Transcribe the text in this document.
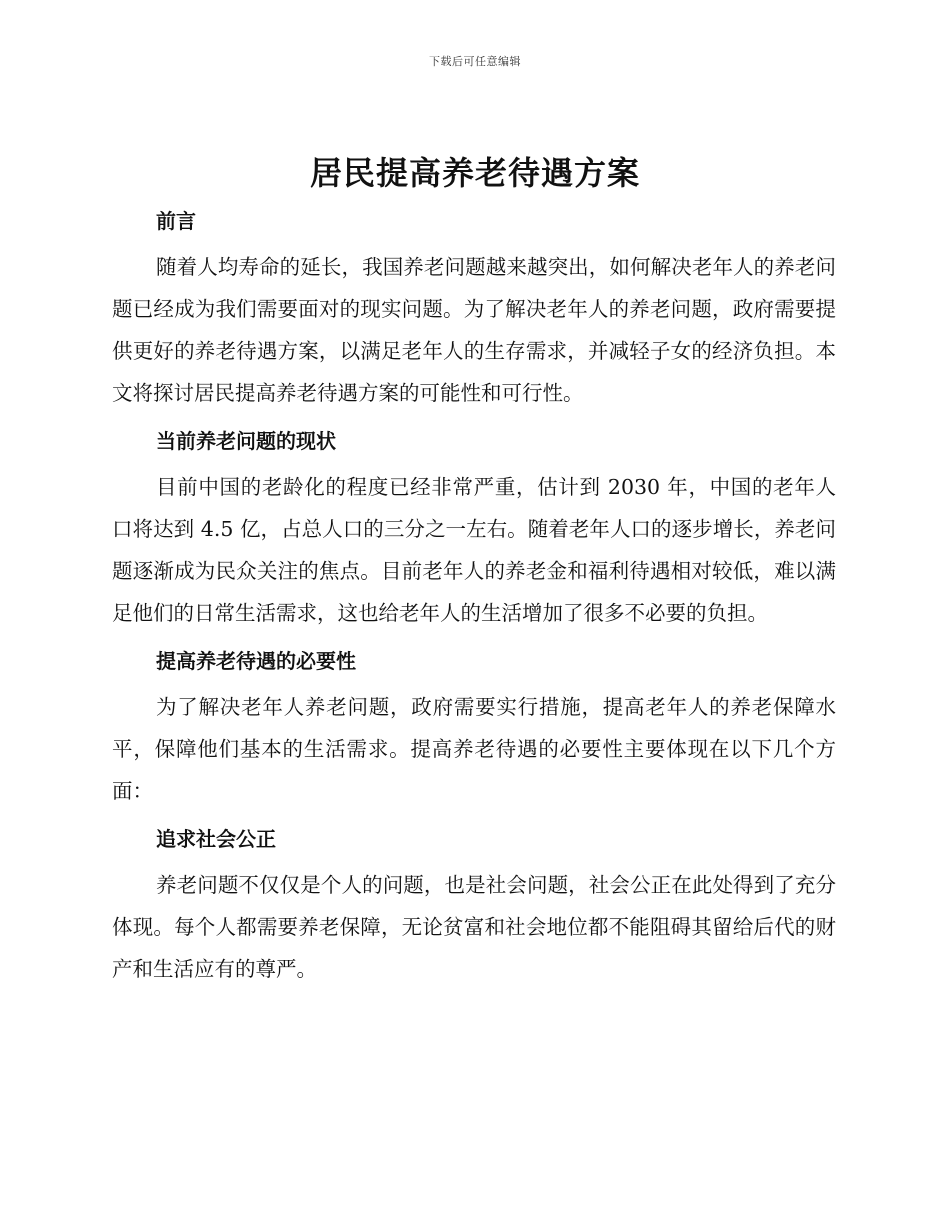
下载后可任意编辑
居民提高养老待遇方案
前言

随着人均寿命的延长，我国养老问题越来越突出，如何解决老年人的养老问题已经成为我们需要面对的现实问题。为了解决老年人的养老问题，政府需要提供更好的养老待遇方案，以满足老年人的生存需求，并减轻子女的经济负担。本文将探讨居民提高养老待遇方案的可能性和可行性。

当前养老问题的现状

目前中国的老龄化的程度已经非常严重，估计到 2030 年，中国的老年人口将达到 4.5 亿，占总人口的三分之一左右。随着老年人口的逐步增长，养老问题逐渐成为民众关注的焦点。目前老年人的养老金和福利待遇相对较低，难以满足他们的日常生活需求，这也给老年人的生活增加了很多不必要的负担。

提高养老待遇的必要性

为了解决老年人养老问题，政府需要实行措施，提高老年人的养老保障水平，保障他们基本的生活需求。提高养老待遇的必要性主要体现在以下几个方面：

追求社会公正

养老问题不仅仅是个人的问题，也是社会问题，社会公正在此处得到了充分体现。每个人都需要养老保障，无论贫富和社会地位都不能阻碍其留给后代的财产和生活应有的尊严。
